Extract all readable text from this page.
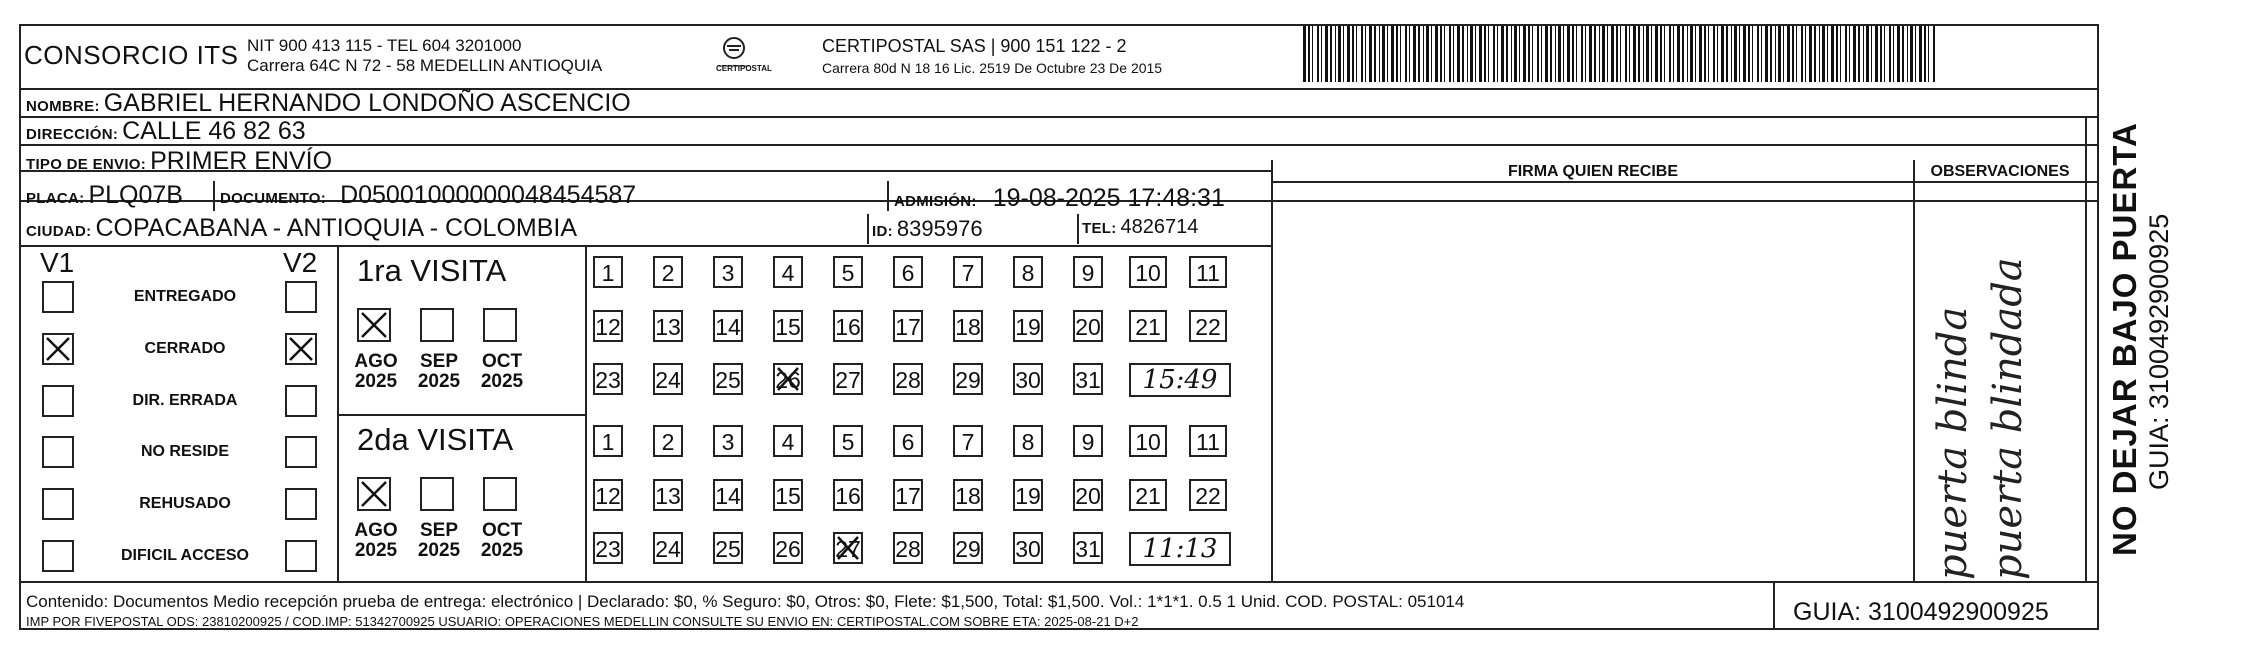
CONSORCIO ITS NIT 900 413 115 - TEL 604 3201000
Carrera 64C N 72 - 58 MEDELLIN ANTIOQUIA	CERTIPOSTAL
CERTIPOSTAL SAS | 900 151 122 - 2
Carrera 80d N 18 16 Lic. 2519 De Octubre 23 De 2015
NOMBRE: GABRIEL HERNANDO LONDOÑO ASCENCIO
DIRECCIÓN: CALLE 46 82 63
TIPO DE ENVIO: PRIMER ENVÍO
PLACA: PLQ07B DOCUMENTO: D05001000000048454587	ADMISIÓN: 19-08-2025 17:48:31
CIUDAD: COPACABANA - ANTIOQUIA - COLOMBIA	ID: 8395976	TEL: 4826714
FIRMA QUIEN RECIBE	OBSERVACIONES
V1	V2
ENTREGADO
CERRADO
DIR. ERRADA
NO RESIDE
REHUSADO
DIFICIL ACCESO
1ra VISITA
AGO
2025
SEP
2025
OCT
2025
1	2	3	4	5	6	7	8	9	10	11
12 13 14 15 16 17 18 19 20 21 22
23 24 25 26 27 28 29 30 31	15:49
2da VISITA
AGO
2025
SEP
2025
OCT
2025
1	2	3	4	5	6	7	8	9	10	11
12 13 14 15 16 17 18 19 20 21 22
23 24 25 26 27 28 29 30 31	11:13	puerta blinda puerta blindada
Contenido: Documentos Medio recepción prueba de entrega: electrónico | Declarado: $0, % Seguro: $0, Otros: $0, Flete: $1,500, Total: $1,500. Vol.: 1*1*1. 0.5 1 Unid. COD. POSTAL: 051014
IMP POR FIVEPOSTAL ODS: 23810200925 / COD.IMP: 51342700925 USUARIO: OPERACIONES MEDELLIN CONSULTE SU ENVIO EN: CERTIPOSTAL.COM SOBRE ETA: 2025-08-21 D+2	GUIA: 3100492900925
NO DEJAR BAJO PUERTA GUIA: 3100492900925
